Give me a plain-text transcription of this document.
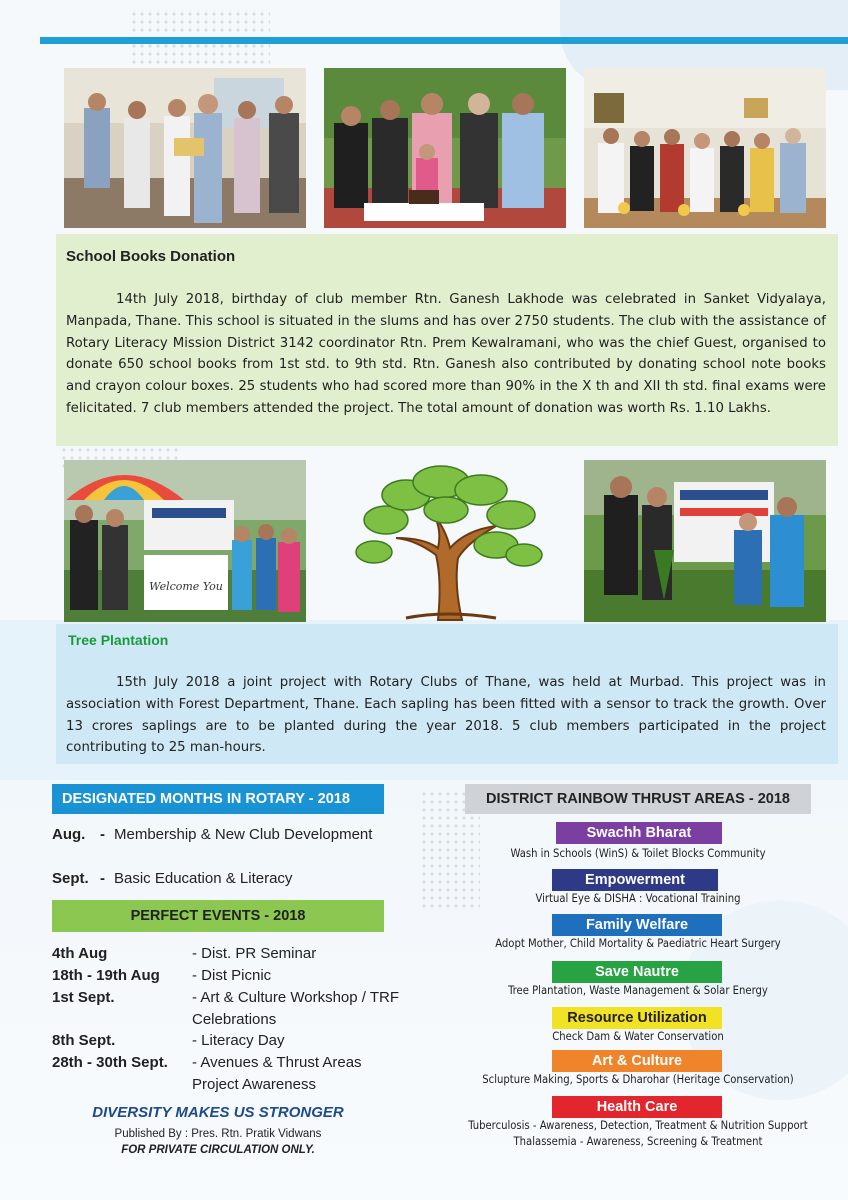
School Books Donation

14th July 2018, birthday of club member Rtn. Ganesh Lakhode was celebrated in Sanket Vidyalaya, Manpada, Thane. This school is situated in the slums and has over 2750 students. The club with the assistance of Rotary Literacy Mission District 3142 coordinator Rtn. Prem Kewalramani, who was the chief Guest, organised to donate 650 school books from 1st std. to 9th std. Rtn. Ganesh also contributed by donating school note books and crayon colour boxes. 25 students who had scored more than 90% in the X th and XII th std. final exams were felicitated. 7 club members attended the project. The total amount of donation was worth Rs. 1.10 Lakhs.

Welcome You
Tree Plantation

15th July 2018 a joint project with Rotary Clubs of Thane, was held at Murbad. This project was in association with Forest Department, Thane. Each sapling has been fitted with a sensor to track the growth. Over 13 crores saplings are to be planted during the year 2018. 5 club members participated in the project contributing to 25 man-hours.

DESIGNATED MONTHS IN ROTARY - 2018
Aug. - Membership & New Club Development
Sept. - Basic Education & Literacy
PERFECT EVENTS - 2018
4th Aug	- Dist. PR Seminar
18th - 19th Aug - Dist Picnic
1st Sept.	- Art & Culture Workshop / TRF Celebrations
8th Sept.	- Literacy Day
28th - 30th Sept. - Avenues & Thrust Areas Project Awareness
DIVERSITY MAKES US STRONGER
Published By : Pres. Rtn. Pratik Vidwans
FOR PRIVATE CIRCULATION ONLY.
DISTRICT RAINBOW THRUST AREAS - 2018
Swachh Bharat
Wash in Schools (WinS) & Toilet Blocks Community
Empowerment
Virtual Eye & DISHA : Vocational Training
Family Welfare
Adopt Mother, Child Mortality & Paediatric Heart Surgery
Save Nautre
Tree Plantation, Waste Management & Solar Energy
Resource Utilization
Check Dam & Water Conservation
Art & Culture
Sclupture Making, Sports & Dharohar (Heritage Conservation)
Health Care
Tuberculosis - Awareness, Detection, Treatment & Nutrition Support
Thalassemia - Awareness, Screening & Treatment
